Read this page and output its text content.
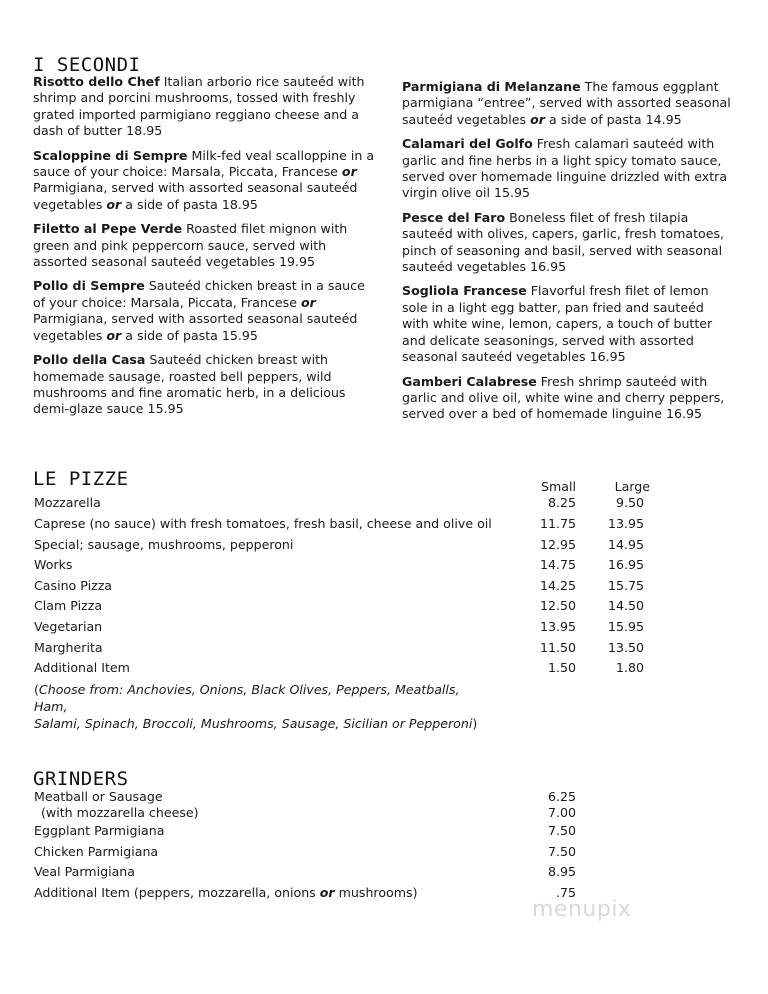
I SECONDI

Risotto dello Chef Italian arborio rice sauteéd with shrimp and porcini mushrooms, tossed with freshly grated imported parmigiano reggiano cheese and a dash of butter 18.95

Scaloppine di Sempre Milk-fed veal scalloppine in a sauce of your choice: Marsala, Piccata, Francese or Parmigiana, served with assorted seasonal sauteéd vegetables or a side of pasta 18.95

Filetto al Pepe Verde Roasted filet mignon with green and pink peppercorn sauce, served with assorted seasonal sauteéd vegetables 19.95

Pollo di Sempre Sauteéd chicken breast in a sauce of your choice: Marsala, Piccata, Francese or Parmigiana, served with assorted seasonal sauteéd vegetables or a side of pasta 15.95

Pollo della Casa Sauteéd chicken breast with homemade sausage, roasted bell peppers, wild mushrooms and fine aromatic herb, in a delicious demi-glaze sauce 15.95

Parmigiana di Melanzane The famous eggplant parmigiana “entree”, served with assorted seasonal sauteéd vegetables or a side of pasta 14.95

Calamari del Golfo Fresh calamari sauteéd with garlic and fine herbs in a light spicy tomato sauce, served over homemade linguine drizzled with extra virgin olive oil 15.95

Pesce del Faro Boneless filet of fresh tilapia sauteéd with olives, capers, garlic, fresh tomatoes, pinch of seasoning and basil, served with seasonal sauteéd vegetables 16.95

Sogliola Francese Flavorful fresh filet of lemon sole in a light egg batter, pan fried and sauteéd with white wine, lemon, capers, a touch of butter and delicate seasonings, served with assorted seasonal sauteéd vegetables 16.95

Gamberi Calabrese Fresh shrimp sauteéd with garlic and olive oil, white wine and cherry peppers, served over a bed of homemade linguine 16.95

LE PIZZE	Small	Large
Mozzarella	8.25	9.50
Caprese (no sauce) with fresh tomatoes, fresh basil, cheese and olive oil	11.75	13.95
Special; sausage, mushrooms, pepperoni	12.95	14.95
Works	14.75	16.95
Casino Pizza	14.25	15.75
Clam Pizza	12.50	14.50
Vegetarian	13.95	15.95
Margherita	11.50	13.50
Additional Item	1.50	1.80
(Choose from: Anchovies, Onions, Black Olives, Peppers, Meatballs, Ham,
Salami, Spinach, Broccoli, Mushrooms, Sausage, Sicilian or Pepperoni)
GRINDERS
Meatball or Sausage	6.25
(with mozzarella cheese)	7.00
Eggplant Parmigiana	7.50
Chicken Parmigiana	7.50
Veal Parmigiana	8.95
Additional Item (peppers, mozzarella, onions or mushrooms)	.75
menupix
